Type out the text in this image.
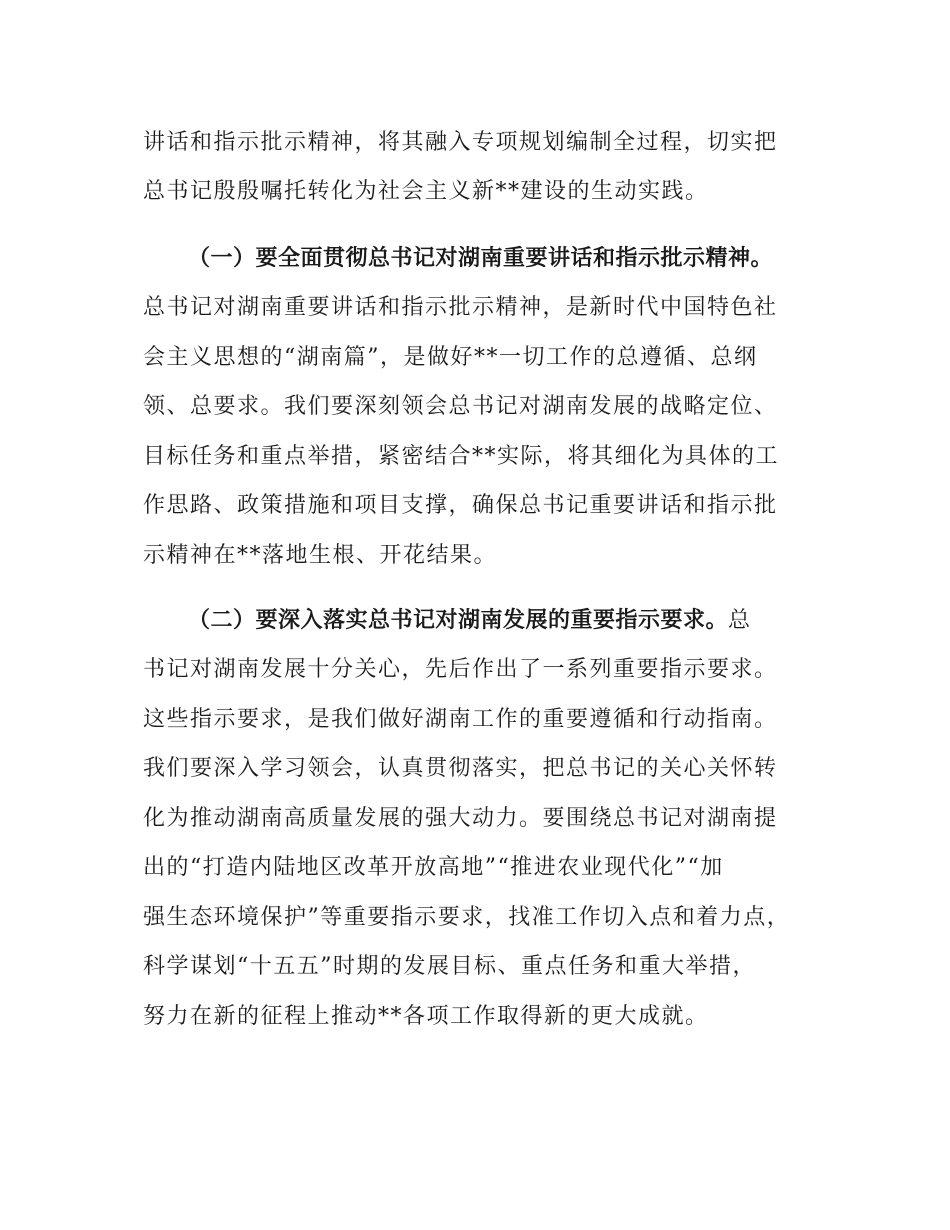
讲话和指示批示精神，将其融入专项规划编制全过程，切实把

总书记殷殷嘱托转化为社会主义新**建设的生动实践。

（一）要全面贯彻总书记对湖南重要讲话和指示批示精神。

总书记对湖南重要讲话和指示批示精神，是新时代中国特色社

会主义思想的“湖南篇”，是做好**一切工作的总遵循、总纲

领、总要求。我们要深刻领会总书记对湖南发展的战略定位、

目标任务和重点举措，紧密结合**实际，将其细化为具体的工

作思路、政策措施和项目支撑，确保总书记重要讲话和指示批

示精神在**落地生根、开花结果。

（二）要深入落实总书记对湖南发展的重要指示要求。总

书记对湖南发展十分关心，先后作出了一系列重要指示要求。

这些指示要求，是我们做好湖南工作的重要遵循和行动指南。

我们要深入学习领会，认真贯彻落实，把总书记的关心关怀转

化为推动湖南高质量发展的强大动力。要围绕总书记对湖南提

出的“打造内陆地区改革开放高地”“推进农业现代化”“加

强生态环境保护”等重要指示要求，找准工作切入点和着力点，

科学谋划“十五五”时期的发展目标、重点任务和重大举措，

努力在新的征程上推动**各项工作取得新的更大成就。
